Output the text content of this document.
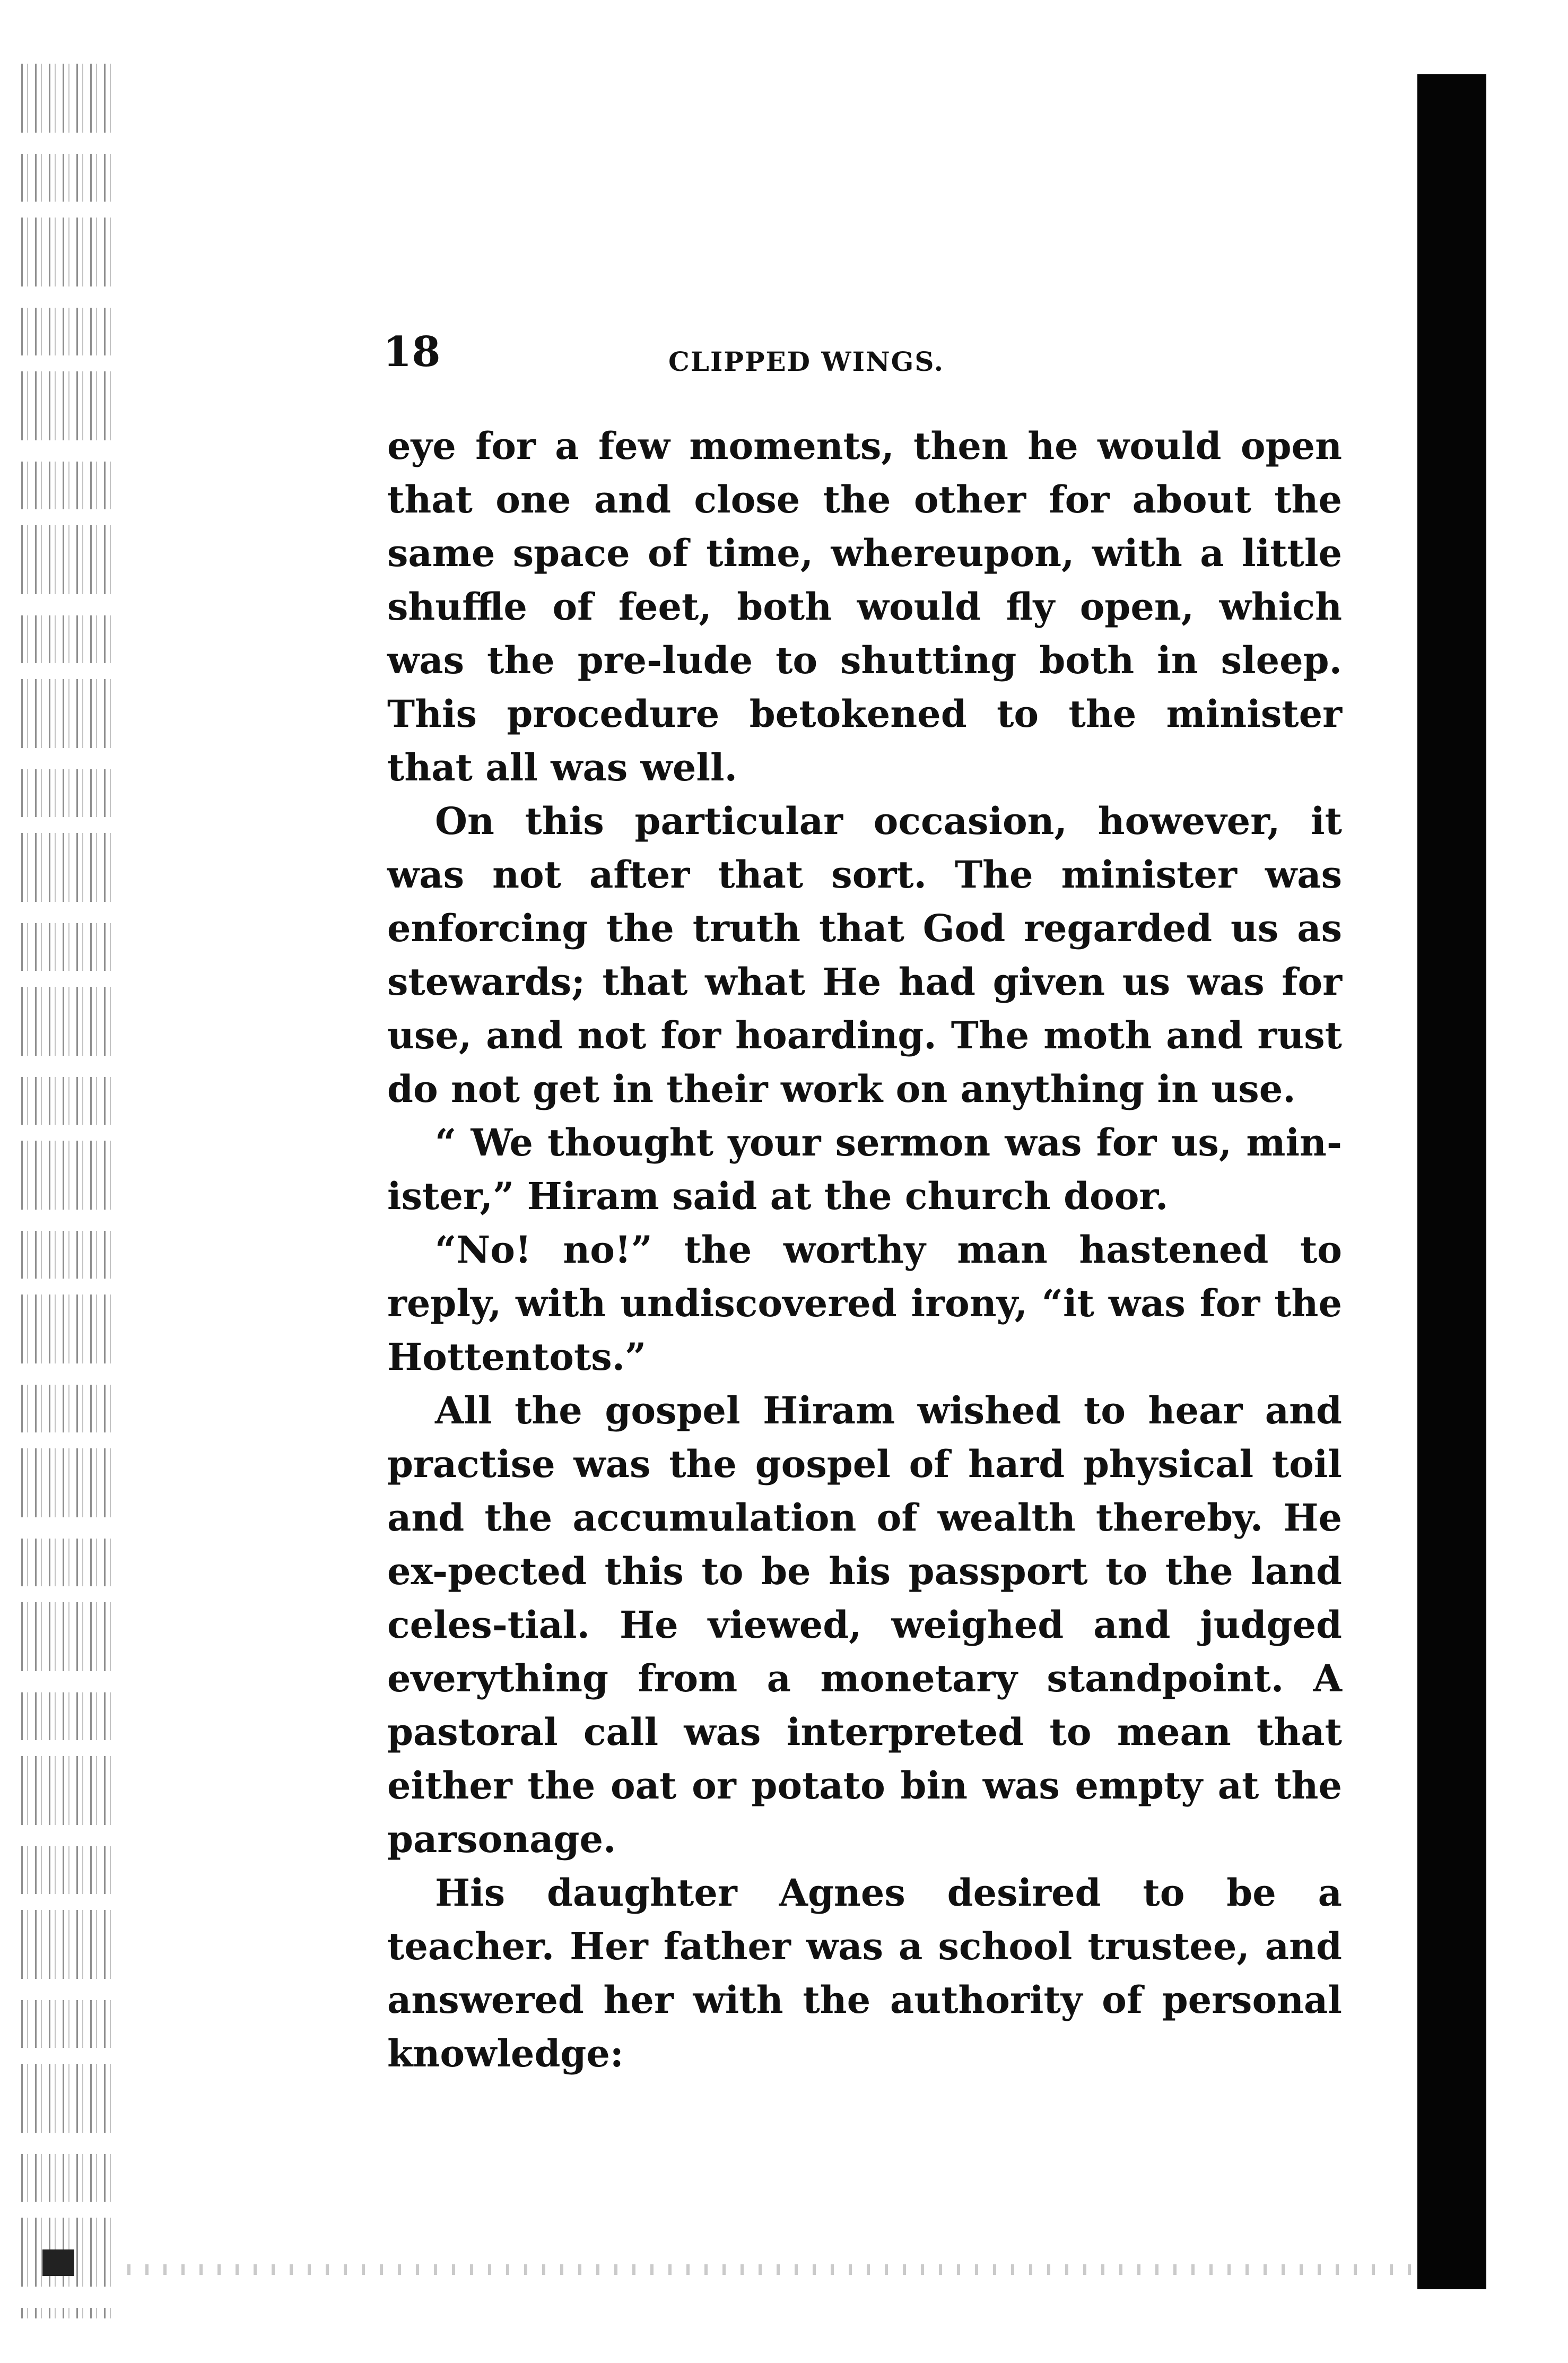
18	CLIPPED WINGS.

eye for a few moments, then he would open that one and close the other for about the same space of time, whereupon, with a little shuffle of feet, both would fly open, which was the pre-lude to shutting both in sleep. This procedure betokened to the minister that all was well.

On this particular occasion, however, it was not after that sort. The minister was enforcing the truth that God regarded us as stewards; that what He had given us was for use, and not for hoarding. The moth and rust do not get in their work on anything in use.

“ We thought your sermon was for us, min-ister,” Hiram said at the church door.

“No! no!” the worthy man hastened to reply, with undiscovered irony, “it was for the Hottentots.”

All the gospel Hiram wished to hear and practise was the gospel of hard physical toil and the accumulation of wealth thereby. He ex-pected this to be his passport to the land celes-tial. He viewed, weighed and judged everything from a monetary standpoint. A pastoral call was interpreted to mean that either the oat or potato bin was empty at the parsonage.

His daughter Agnes desired to be a teacher. Her father was a school trustee, and answered her with the authority of personal knowledge:
